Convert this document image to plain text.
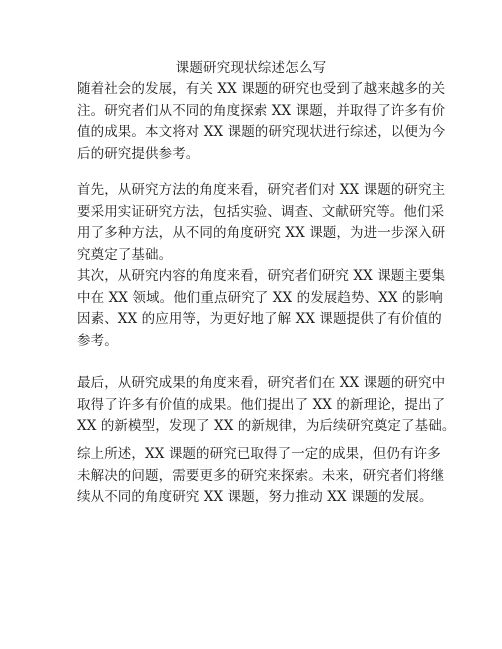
课题研究现状综述怎么写
随着社会的发展，有关 XX 课题的研究也受到了越来越多的关
注。研究者们从不同的角度探索 XX 课题，并取得了许多有价
值的成果。本文将对 XX 课题的研究现状进行综述，以便为今
后的研究提供参考。
首先，从研究方法的角度来看，研究者们对 XX 课题的研究主
要采用实证研究方法，包括实验、调查、文献研究等。他们采
用了多种方法，从不同的角度研究 XX 课题，为进一步深入研
究奠定了基础。
其次，从研究内容的角度来看，研究者们研究 XX 课题主要集
中在 XX 领域。他们重点研究了 XX 的发展趋势、XX 的影响
因素、XX 的应用等，为更好地了解 XX 课题提供了有价值的
参考。
最后，从研究成果的角度来看，研究者们在 XX 课题的研究中
取得了许多有价值的成果。他们提出了 XX 的新理论，提出了
XX 的新模型，发现了 XX 的新规律，为后续研究奠定了基础。
综上所述，XX 课题的研究已取得了一定的成果，但仍有许多
未解决的问题，需要更多的研究来探索。未来，研究者们将继
续从不同的角度研究 XX 课题，努力推动 XX 课题的发展。
